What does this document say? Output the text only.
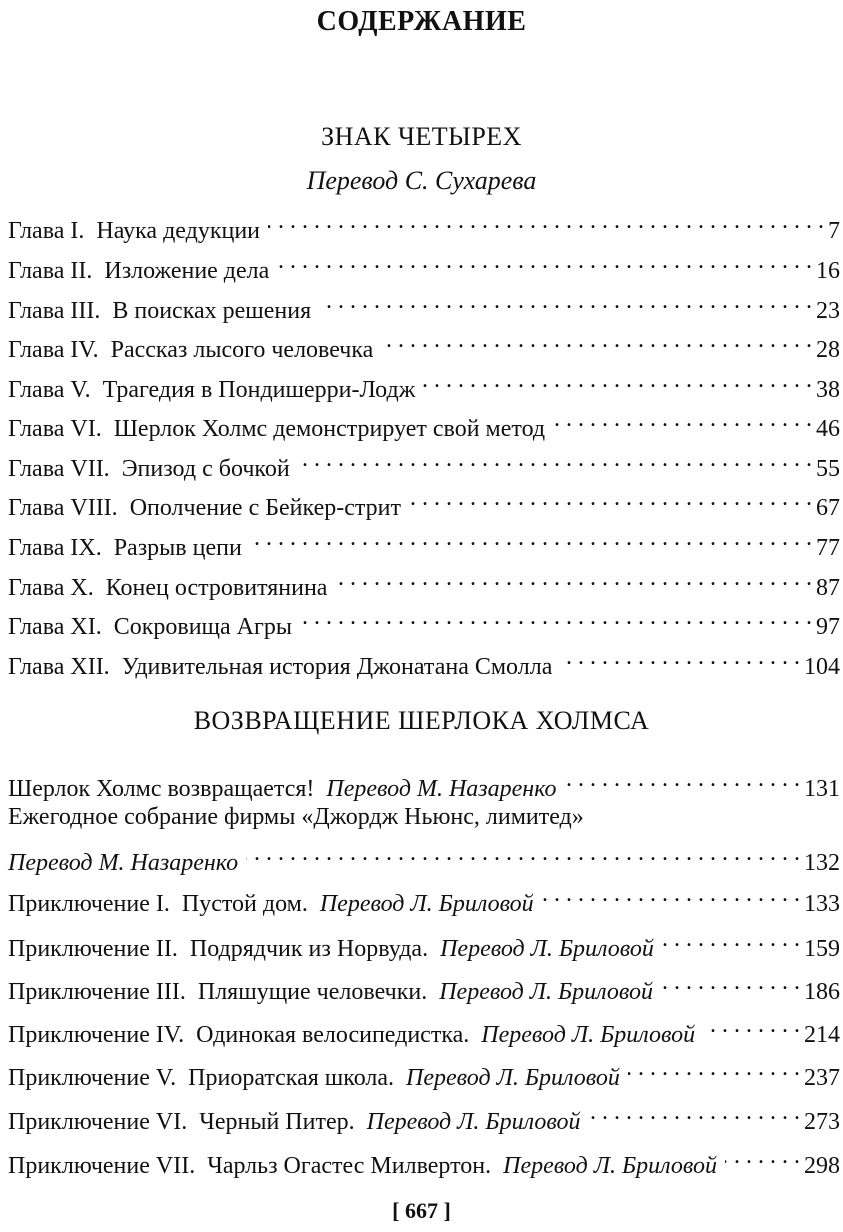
СОДЕРЖАНИЕ
ЗНАК ЧЕТЫРЕХ
Перевод С. Сухарева
Глава I. Наука дедукции . . .	7
Глава II. Изложение дела . . .	16
Глава III. В поисках решения . . .	23
Глава IV. Рассказ лысого человечка . . .	28
Глава V. Трагедия в Пондишерри-Лодж . . .	38
Глава VI. Шерлок Холмс демонстрирует свой метод . . .	46
Глава VII. Эпизод с бочкой . . .	55
Глава VIII. Ополчение с Бейкер-стрит . . .	67
Глава IX. Разрыв цепи . . .	77
Глава X. Конец островитянина . . .	87
Глава XI. Сокровища Агры . . .	97
Глава XII. Удивительная история Джонатана Смолла . . .	104
ВОЗВРАЩЕНИЕ ШЕРЛОКА ХОЛМСА
Шерлок Холмс возвращается! Перевод М. Назаренко . . .	131
Ежегодное собрание фирмы «Джордж Ньюнс, лимитед»
Перевод М. Назаренко . . .	132
Приключение I. Пустой дом. Перевод Л. Бриловой . . .	133
Приключение II. Подрядчик из Норвуда. Перевод Л. Бриловой . . .	159
Приключение III. Пляшущие человечки. Перевод Л. Бриловой . . .	186
Приключение IV. Одинокая велосипедистка. Перевод Л. Бриловой . . .	214
Приключение V. Приоратская школа. Перевод Л. Бриловой . . .	237
Приключение VI. Черный Питер. Перевод Л. Бриловой . . .	273
Приключение VII. Чарльз Огастес Милвертон. Перевод Л. Бриловой . . .	298
[ 667 ]
